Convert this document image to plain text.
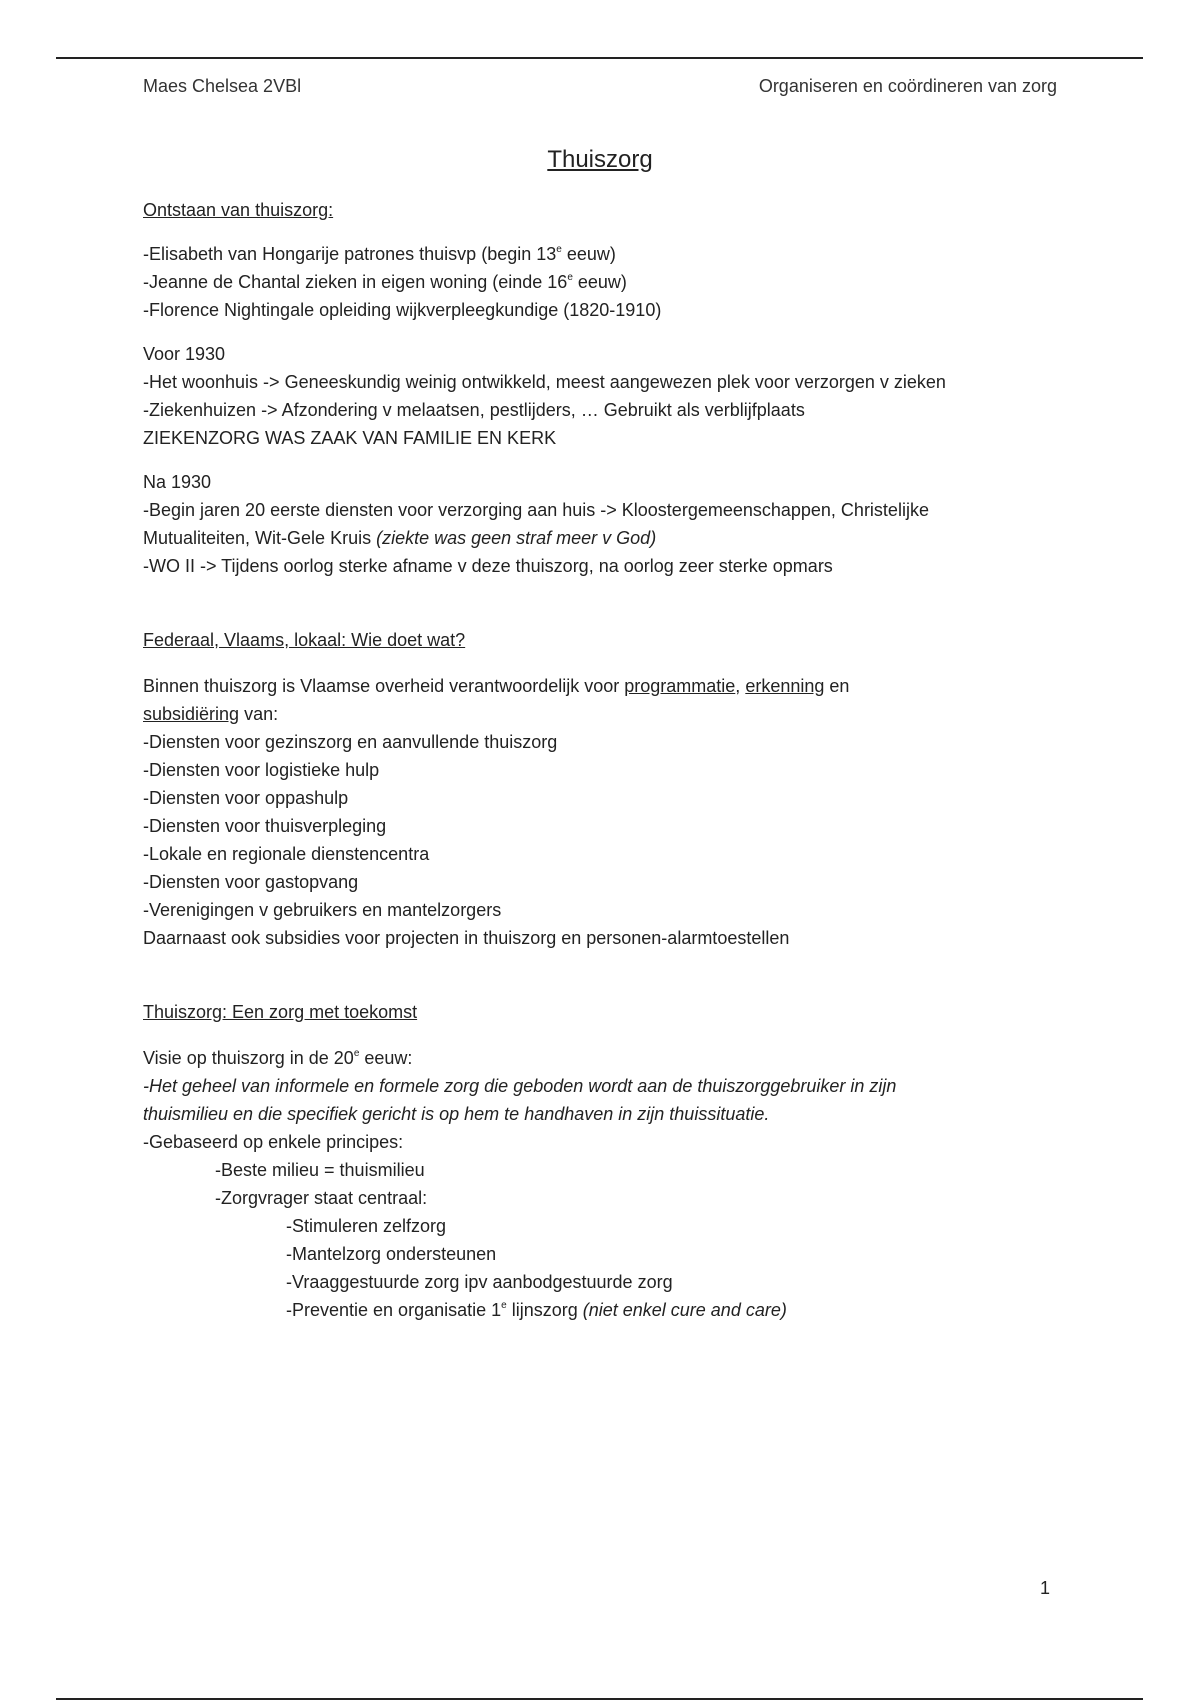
Maes Chelsea 2VBl	Organiseren en coördineren van zorg
Thuiszorg

Ontstaan van thuiszorg:

-Elisabeth van Hongarije patrones thuisvp (begin 13e eeuw)

-Jeanne de Chantal zieken in eigen woning (einde 16e eeuw)

-Florence Nightingale opleiding wijkverpleegkundige (1820-1910)

Voor 1930

-Het woonhuis -> Geneeskundig weinig ontwikkeld, meest aangewezen plek voor verzorgen v zieken

-Ziekenhuizen -> Afzondering v melaatsen, pestlijders, … Gebruikt als verblijfplaats

ZIEKENZORG WAS ZAAK VAN FAMILIE EN KERK

Na 1930

-Begin jaren 20 eerste diensten voor verzorging aan huis -> Kloostergemeenschappen, Christelijke

Mutualiteiten, Wit-Gele Kruis (ziekte was geen straf meer v God)

-WO II -> Tijdens oorlog sterke afname v deze thuiszorg, na oorlog zeer sterke opmars

Federaal, Vlaams, lokaal: Wie doet wat?

Binnen thuiszorg is Vlaamse overheid verantwoordelijk voor programmatie, erkenning en

subsidiëring van:

-Diensten voor gezinszorg en aanvullende thuiszorg

-Diensten voor logistieke hulp

-Diensten voor oppashulp

-Diensten voor thuisverpleging

-Lokale en regionale dienstencentra

-Diensten voor gastopvang

-Verenigingen v gebruikers en mantelzorgers

Daarnaast ook subsidies voor projecten in thuiszorg en personen-alarmtoestellen

Thuiszorg: Een zorg met toekomst

Visie op thuiszorg in de 20e eeuw:

-Het geheel van informele en formele zorg die geboden wordt aan de thuiszorggebruiker in zijn

thuismilieu en die specifiek gericht is op hem te handhaven in zijn thuissituatie.

-Gebaseerd op enkele principes:

-Beste milieu = thuismilieu

-Zorgvrager staat centraal:

-Stimuleren zelfzorg

-Mantelzorg ondersteunen

-Vraaggestuurde zorg ipv aanbodgestuurde zorg

-Preventie en organisatie 1e lijnszorg (niet enkel cure and care)

1
